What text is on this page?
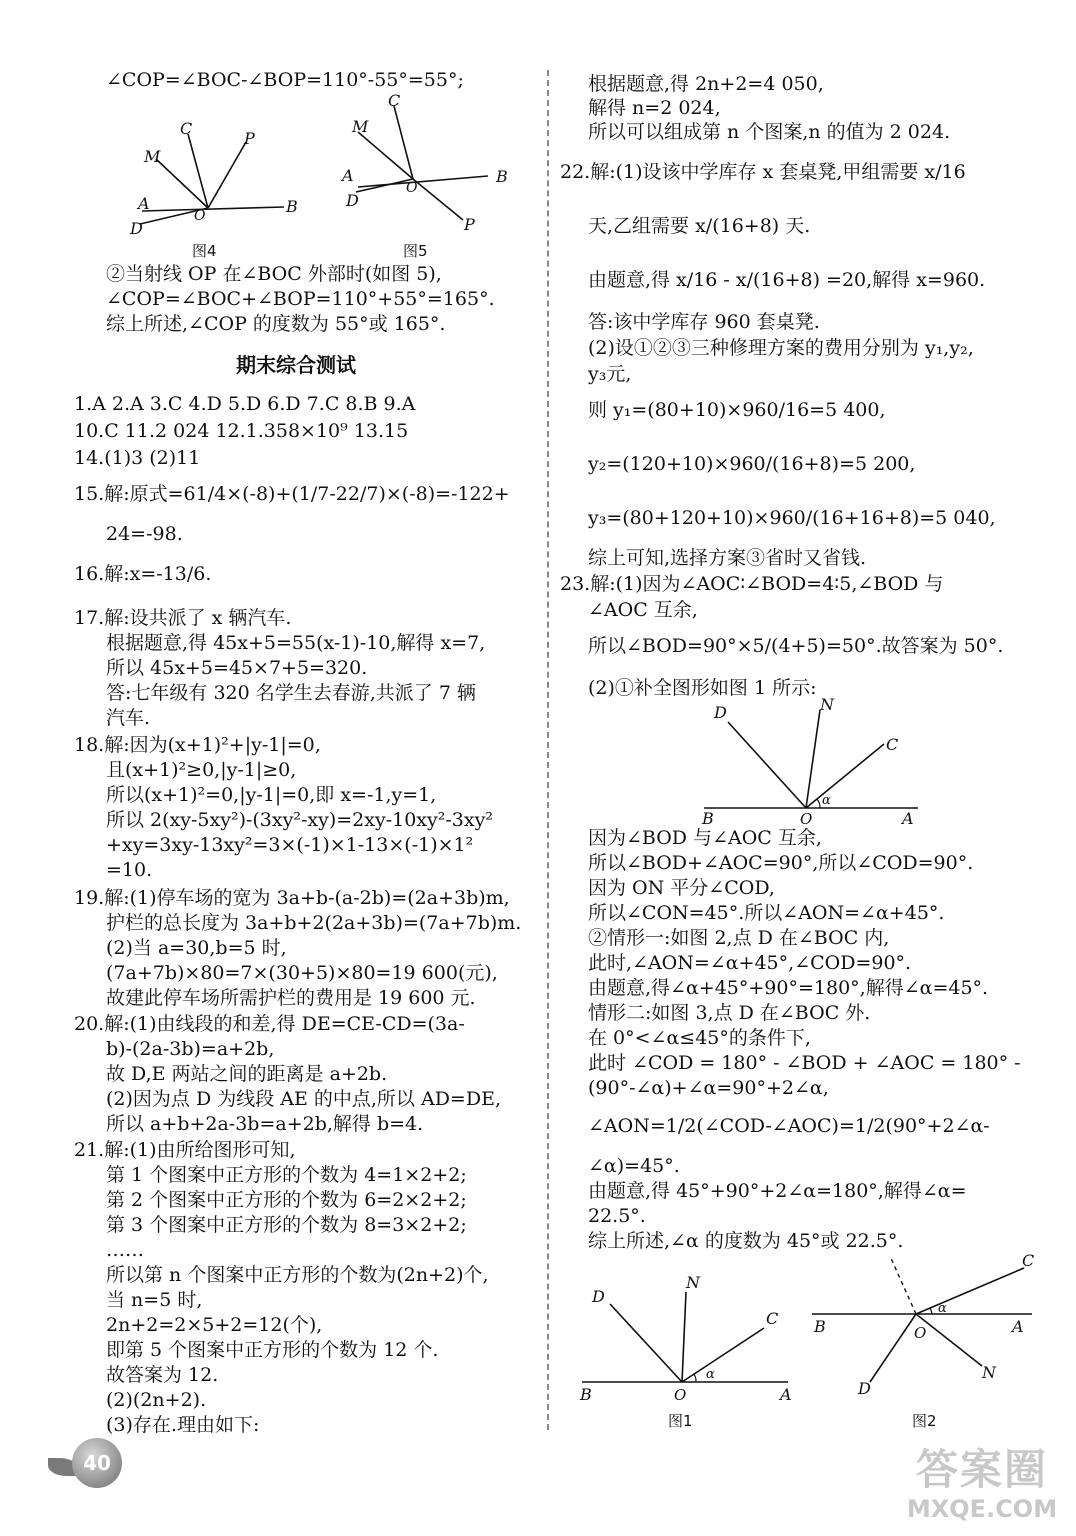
∠COP=∠BOC-∠BOP=110°-55°=55°;
A
D
O	B
M
C
P
图4
A
D
O
B
M
C
P
图5
②当射线 OP 在∠BOC 外部时(如图 5),
∠COP=∠BOC+∠BOP=110°+55°=165°.
综上所述,∠COP 的度数为 55°或 165°.
期末综合测试
1.A 2.A 3.C 4.D 5.D 6.D 7.C 8.B 9.A
10.C 11.2 024 12.1.358×10⁹ 13.15
14.(1)3 (2)11
15.解:原式=61/4×(-8)+(1/7-22/7)×(-8)=-122+
24=-98.
16.解:x=-13/6.
17.解:设共派了 x 辆汽车.
根据题意,得 45x+5=55(x-1)-10,解得 x=7,
所以 45x+5=45×7+5=320.
答:七年级有 320 名学生去春游,共派了 7 辆
汽车.
18.解:因为(x+1)²+|y-1|=0,
且(x+1)²≥0,|y-1|≥0,
所以(x+1)²=0,|y-1|=0,即 x=-1,y=1,
所以 2(xy-5xy²)-(3xy²-xy)=2xy-10xy²-3xy²
+xy=3xy-13xy²=3×(-1)×1-13×(-1)×1²
=10.
19.解:(1)停车场的宽为 3a+b-(a-2b)=(2a+3b)m,
护栏的总长度为 3a+b+2(2a+3b)=(7a+7b)m.
(2)当 a=30,b=5 时,
(7a+7b)×80=7×(30+5)×80=19 600(元),
故建此停车场所需护栏的费用是 19 600 元.
20.解:(1)由线段的和差,得 DE=CE-CD=(3a-
b)-(2a-3b)=a+2b,
故 D,E 两站之间的距离是 a+2b.
(2)因为点 D 为线段 AE 的中点,所以 AD=DE,
所以 a+b+2a-3b=a+2b,解得 b=4.
21.解:(1)由所给图形可知,
第 1 个图案中正方形的个数为 4=1×2+2;
第 2 个图案中正方形的个数为 6=2×2+2;
第 3 个图案中正方形的个数为 8=3×2+2;
……
所以第 n 个图案中正方形的个数为(2n+2)个,
当 n=5 时,
2n+2=2×5+2=12(个),
即第 5 个图案中正方形的个数为 12 个.
故答案为 12.
(2)(2n+2).
(3)存在.理由如下:
根据题意,得 2n+2=4 050,
解得 n=2 024,
所以可以组成第 n 个图案,n 的值为 2 024.
22.解:(1)设该中学库存 x 套桌凳,甲组需要 x/16
天,乙组需要 x/(16+8) 天.
由题意,得 x/16 - x/(16+8) =20,解得 x=960.
答:该中学库存 960 套桌凳.
(2)设①②③三种修理方案的费用分别为 y₁,y₂,
y₃元,
则 y₁=(80+10)×960/16=5 400,
y₂=(120+10)×960/(16+8)=5 200,
y₃=(80+120+10)×960/(16+16+8)=5 040,
综上可知,选择方案③省时又省钱.
23.解:(1)因为∠AOC∶∠BOD=4∶5,∠BOD 与
∠AOC 互余,
所以∠BOD=90°×5/(4+5)=50°.故答案为 50°.
(2)①补全图形如图 1 所示:
D	N
C
α
B	O	A
因为∠BOD 与∠AOC 互余,
所以∠BOD+∠AOC=90°,所以∠COD=90°.
因为 ON 平分∠COD,
所以∠CON=45°.所以∠AON=∠α+45°.
②情形一:如图 2,点 D 在∠BOC 内,
此时,∠AON=∠α+45°,∠COD=90°.
由题意,得∠α+45°+90°=180°,解得∠α=45°.
情形二:如图 3,点 D 在∠BOC 外.
在 0°<∠α≤45°的条件下,
此时 ∠COD = 180° - ∠BOD + ∠AOC = 180° -
(90°-∠α)+∠α=90°+2∠α,
∠AON=1/2(∠COD-∠AOC)=1/2(90°+2∠α-
∠α)=45°.
由题意,得 45°+90°+2∠α=180°,解得∠α=
22.5°.
综上所述,∠α 的度数为 45°或 22.5°.
D
N
C
α
B	O	A
图1
α
C
B	A
O
D
N
图2
40	答案圈
MXQE.COM
